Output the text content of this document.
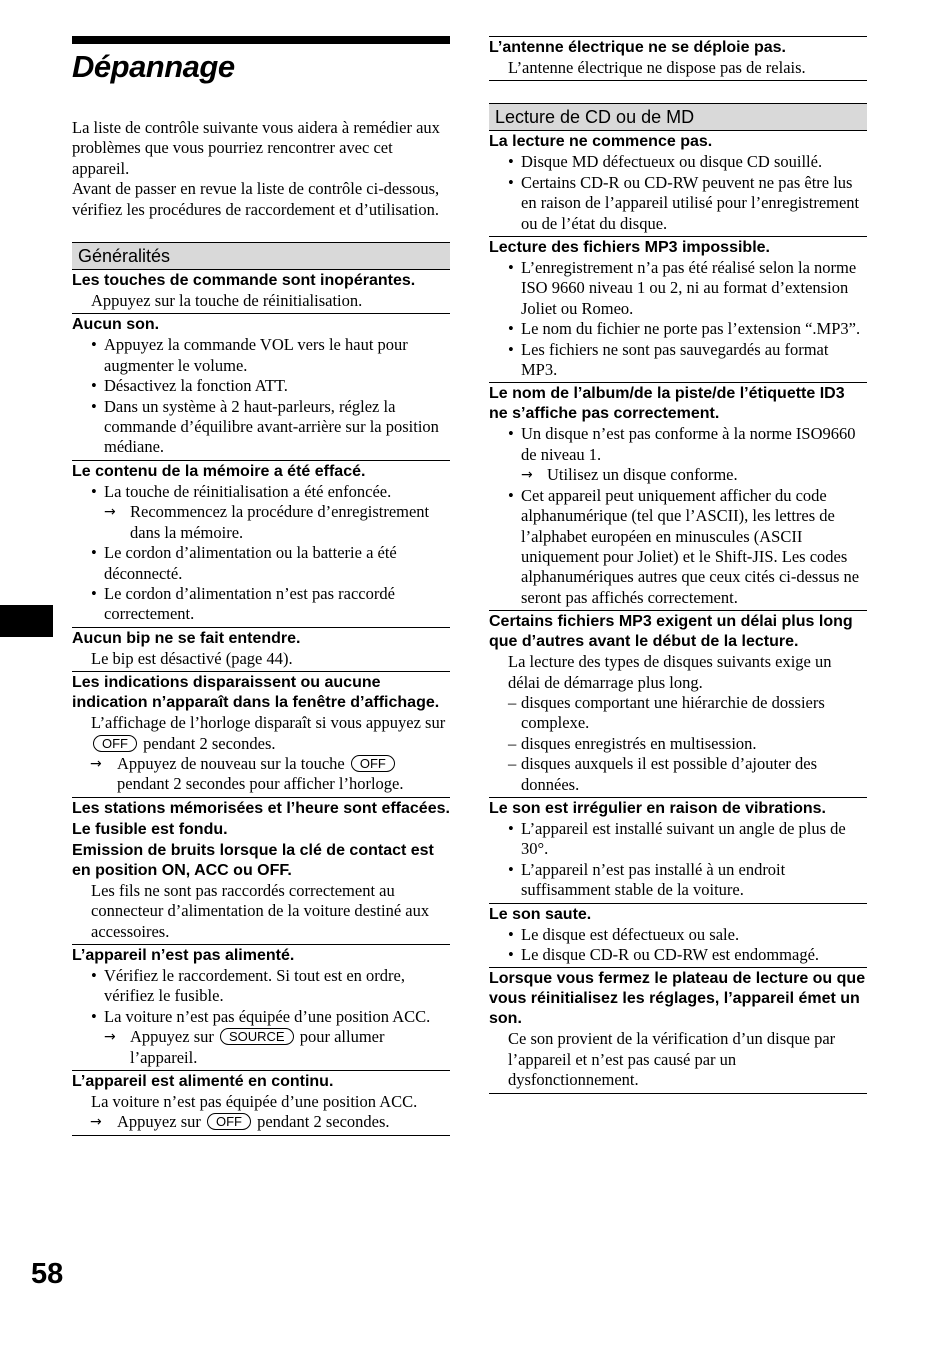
58
Dépannage

La liste de contrôle suivante vous aidera à remédier aux problèmes que vous pourriez rencontrer avec cet appareil.

Avant de passer en revue la liste de contrôle ci-dessous, vérifiez les procédures de raccordement et d’utilisation.

Généralités
Les touches de commande sont inopérantes.
Appuyez sur la touche de réinitialisation.
Aucun son.
• Appuyez la commande VOL vers le haut pour augmenter le volume.
• Désactivez la fonction ATT.
• Dans un système à 2 haut-parleurs, réglez la commande d’équilibre avant-arrière sur la position médiane.
Le contenu de la mémoire a été effacé.
• La touche de réinitialisation a été enfoncée.
→ Recommencez la procédure d’enregistrement dans la mémoire.
• Le cordon d’alimentation ou la batterie a été déconnecté.
• Le cordon d’alimentation n’est pas raccordé correctement.
Aucun bip ne se fait entendre.
Le bip est désactivé (page 44).
Les indications disparaissent ou aucune indication n’apparaît dans la fenêtre d’affichage.
L’affichage de l’horloge disparaît si vous appuyez sur OFF pendant 2 secondes.
→ Appuyez de nouveau sur la touche OFF pendant 2 secondes pour afficher l’horloge.
Les stations mémorisées et l’heure sont effacées.
Le fusible est fondu.
Emission de bruits lorsque la clé de contact est en position ON, ACC ou OFF.
Les fils ne sont pas raccordés correctement au connecteur d’alimentation de la voiture destiné aux accessoires.
L’appareil n’est pas alimenté.
• Vérifiez le raccordement. Si tout est en ordre, vérifiez le fusible.
• La voiture n’est pas équipée d’une position ACC.
→ Appuyez sur SOURCE pour allumer l’appareil.
L’appareil est alimenté en continu.
La voiture n’est pas équipée d’une position ACC.
→ Appuyez sur OFF pendant 2 secondes.
L’antenne électrique ne se déploie pas.
L’antenne électrique ne dispose pas de relais.
Lecture de CD ou de MD
La lecture ne commence pas.
• Disque MD défectueux ou disque CD souillé.
• Certains CD-R ou CD-RW peuvent ne pas être lus en raison de l’appareil utilisé pour l’enregistrement ou de l’état du disque.
Lecture des fichiers MP3 impossible.
• L’enregistrement n’a pas été réalisé selon la norme ISO 9660 niveau 1 ou 2, ni au format d’extension Joliet ou Romeo.
• Le nom du fichier ne porte pas l’extension “.MP3”.
• Les fichiers ne sont pas sauvegardés au format MP3.
Le nom de l’album/de la piste/de l’étiquette ID3 ne s’affiche pas correctement.
• Un disque n’est pas conforme à la norme ISO9660 de niveau 1.
→ Utilisez un disque conforme.
• Cet appareil peut uniquement afficher du code alphanumérique (tel que l’ASCII), les lettres de l’alphabet européen en minuscules (ASCII uniquement pour Joliet) et le Shift-JIS. Les codes alphanumériques autres que ceux cités ci-dessus ne seront pas affichés correctement.
Certains fichiers MP3 exigent un délai plus long que d’autres avant le début de la lecture.
La lecture des types de disques suivants exige un délai de démarrage plus long.
– disques comportant une hiérarchie de dossiers complexe.
– disques enregistrés en multisession.
– disques auxquels il est possible d’ajouter des données.
Le son est irrégulier en raison de vibrations.
• L’appareil est installé suivant un angle de plus de 30°.
• L’appareil n’est pas installé à un endroit suffisamment stable de la voiture.
Le son saute.
• Le disque est défectueux ou sale.
• Le disque CD-R ou CD-RW est endommagé.
Lorsque vous fermez le plateau de lecture ou que vous réinitialisez les réglages, l’appareil émet un son.
Ce son provient de la vérification d’un disque par l’appareil et n’est pas causé par un dysfonctionnement.
